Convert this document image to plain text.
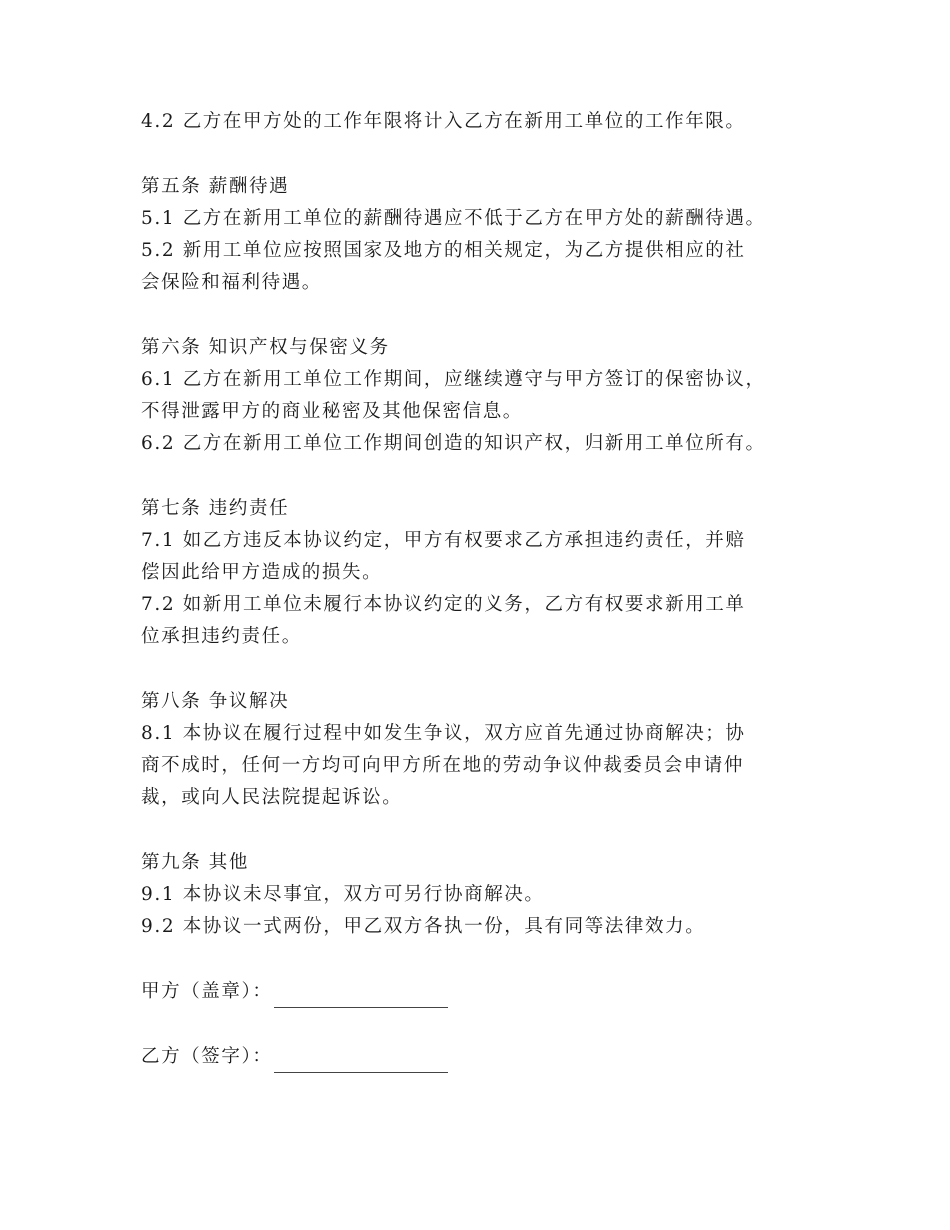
4.2 乙方在甲方处的工作年限将计入乙方在新用工单位的工作年限。
第五条 薪酬待遇
5.1 乙方在新用工单位的薪酬待遇应不低于乙方在甲方处的薪酬待遇。
5.2 新用工单位应按照国家及地方的相关规定，为乙方提供相应的社
会保险和福利待遇。
第六条 知识产权与保密义务
6.1 乙方在新用工单位工作期间，应继续遵守与甲方签订的保密协议，
不得泄露甲方的商业秘密及其他保密信息。
6.2 乙方在新用工单位工作期间创造的知识产权，归新用工单位所有。
第七条 违约责任
7.1 如乙方违反本协议约定，甲方有权要求乙方承担违约责任，并赔
偿因此给甲方造成的损失。
7.2 如新用工单位未履行本协议约定的义务，乙方有权要求新用工单
位承担违约责任。
第八条 争议解决
8.1 本协议在履行过程中如发生争议，双方应首先通过协商解决；协
商不成时，任何一方均可向甲方所在地的劳动争议仲裁委员会申请仲
裁，或向人民法院提起诉讼。
第九条 其他
9.1 本协议未尽事宜，双方可另行协商解决。
9.2 本协议一式两份，甲乙双方各执一份，具有同等法律效力。
甲方（盖章）：
乙方（签字）：
